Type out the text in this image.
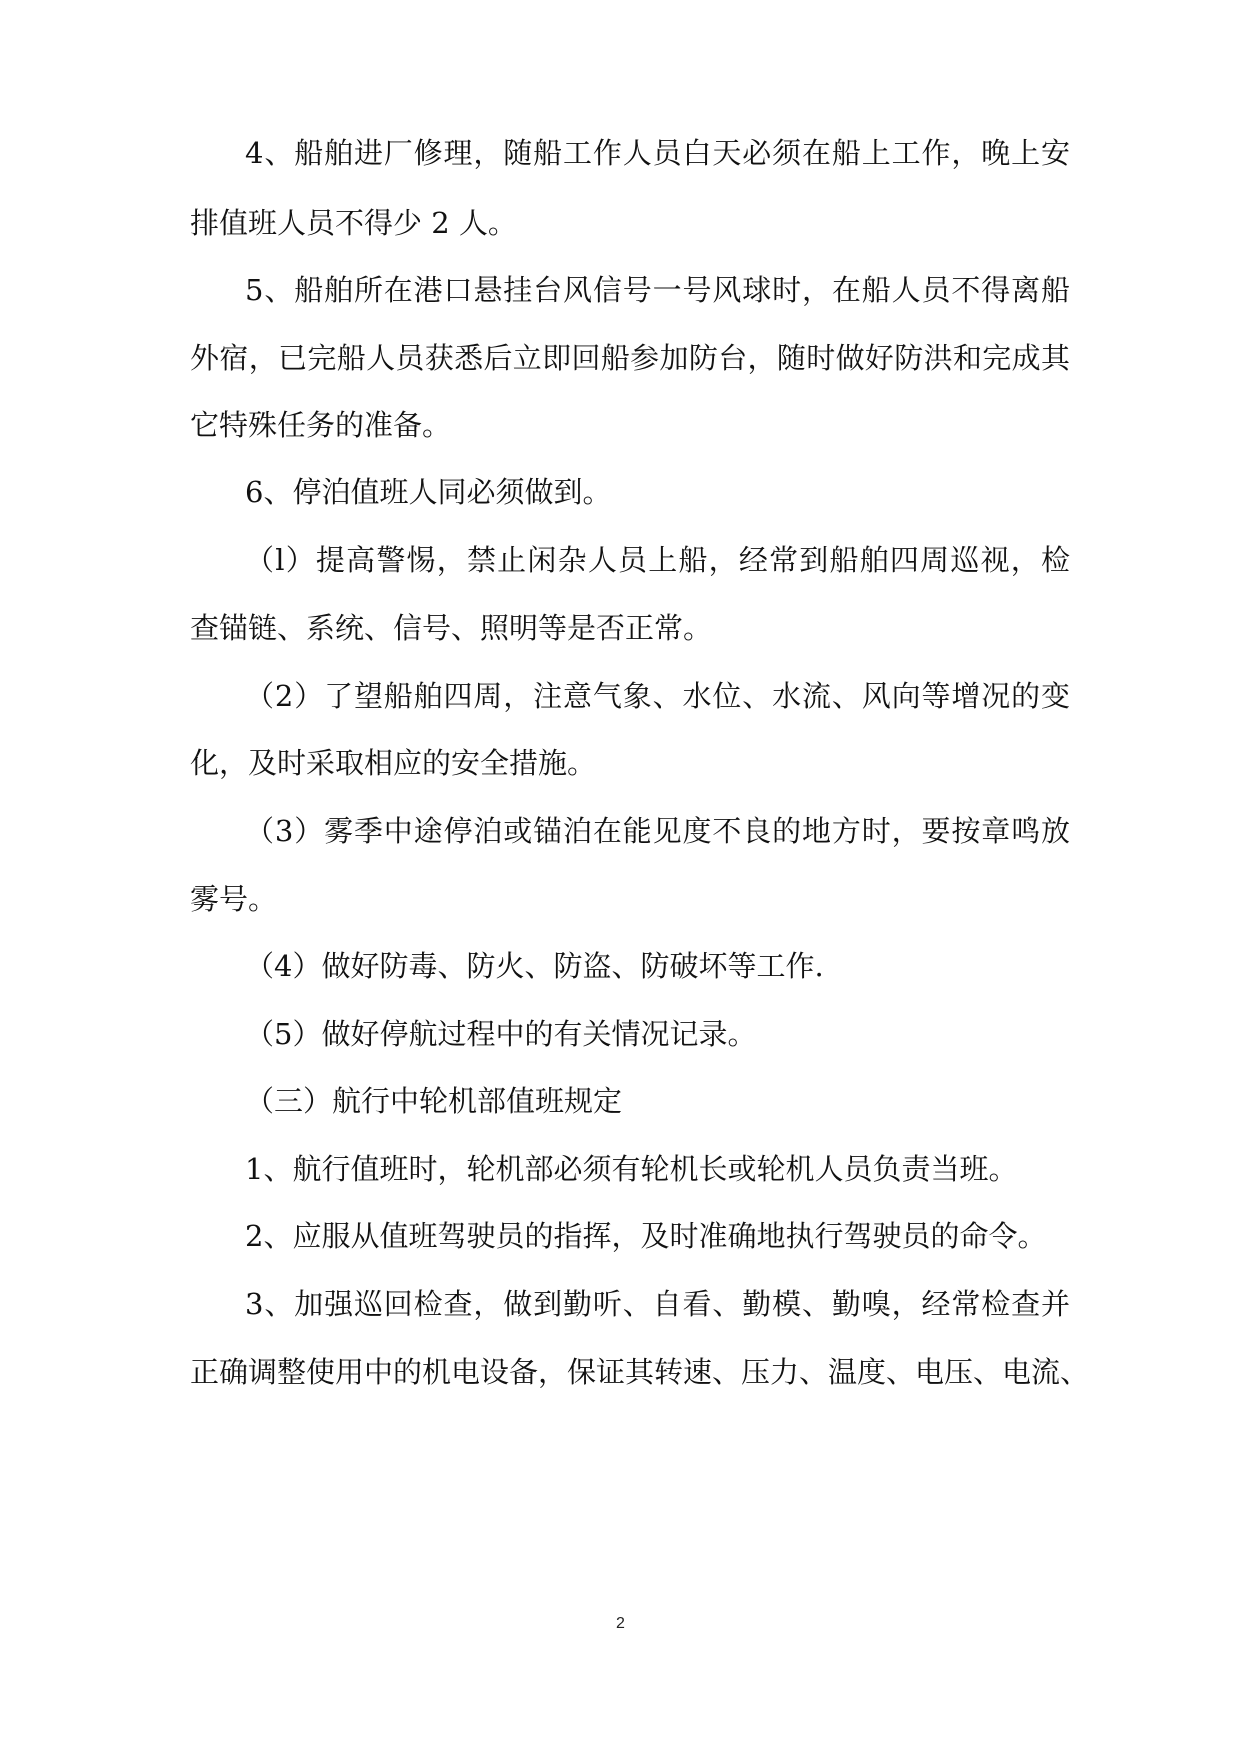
4、船舶进厂修理，随船工作人员白天必须在船上工作，晚上安
排值班人员不得少 2 人。
5、船舶所在港口悬挂台风信号一号风球时，在船人员不得离船
外宿，已完船人员获悉后立即回船参加防台，随时做好防洪和完成其
它特殊任务的准备。
6、停泊值班人同必须做到。
（l）提高警惕，禁止闲杂人员上船，经常到船舶四周巡视，检
查锚链、系统、信号、照明等是否正常。
（2）了望船舶四周，注意气象、水位、水流、风向等增况的变
化，及时采取相应的安全措施。
（3）雾季中途停泊或锚泊在能见度不良的地方时，要按章鸣放
雾号。
（4）做好防毒、防火、防盗、防破坏等工作.
（5）做好停航过程中的有关情况记录。
（三）航行中轮机部值班规定
1、航行值班时，轮机部必须有轮机长或轮机人员负责当班。
2、应服从值班驾驶员的指挥，及时准确地执行驾驶员的命令。
3、加强巡回检查，做到勤听、自看、勤模、勤嗅，经常检查并
正确调整使用中的机电设备，保证其转速、压力、温度、电压、电流、
2
